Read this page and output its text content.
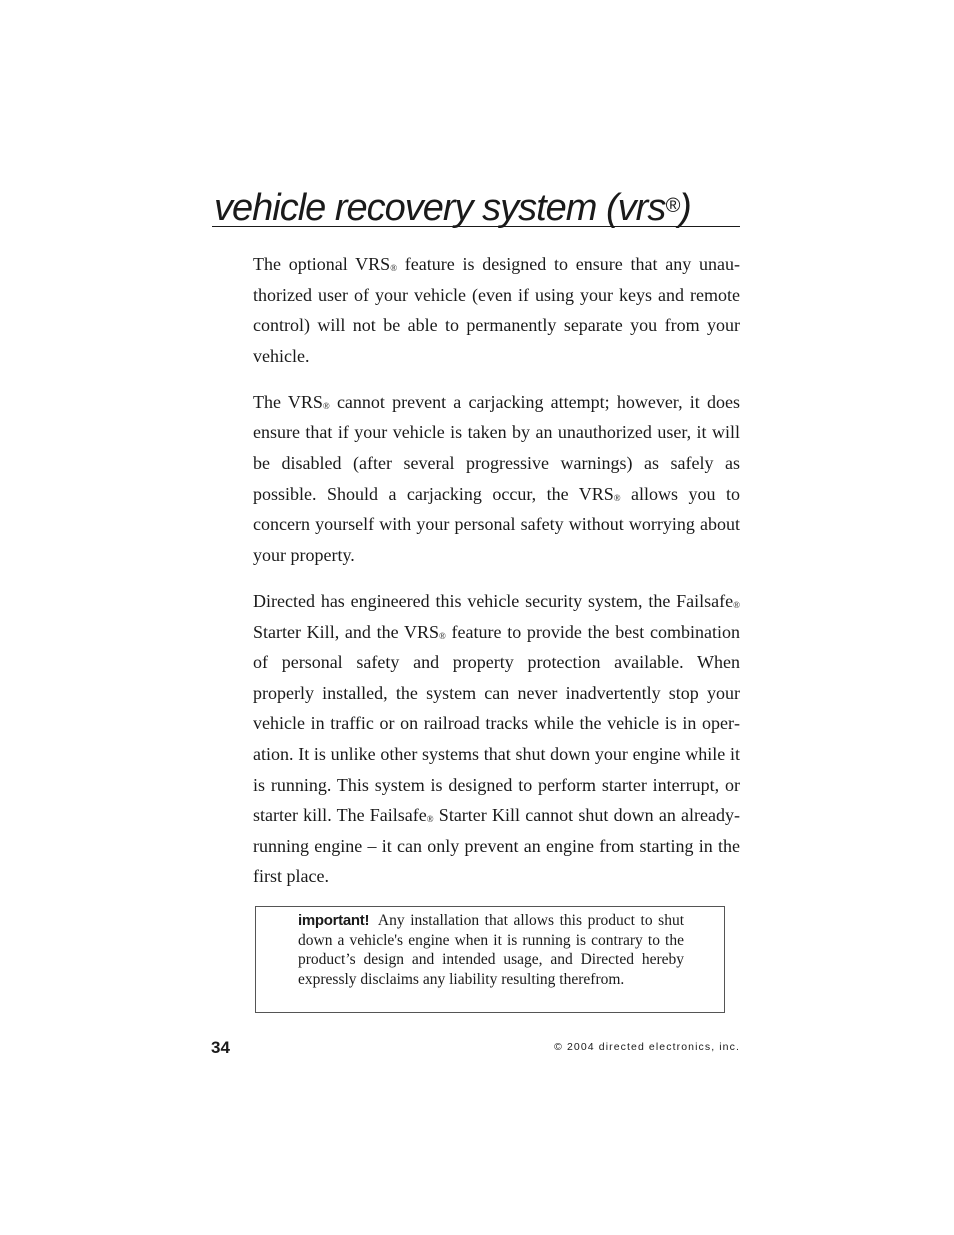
vehicle recovery system (vrs®)

The optional VRS® feature is designed to ensure that any unauthorized user of your vehicle (even if using your keys and remote control) will not be able to permanently separate you from your vehicle.

The VRS® cannot prevent a carjacking attempt; however, it does ensure that if your vehicle is taken by an unauthorized user, it will be disabled (after several progressive warnings) as safely as possible. Should a carjacking occur, the VRS® allows you to concern yourself with your personal safety without worrying about your property.

Directed has engineered this vehicle security system, the Failsafe® Starter Kill, and the VRS® feature to provide the best combination of personal safety and property protection available. When properly installed, the system can never inadvertently stop your vehicle in traffic or on railroad tracks while the vehicle is in operation. It is unlike other systems that shut down your engine while it is running. This system is designed to perform starter interrupt, or starter kill. The Failsafe® Starter Kill cannot shut down an already-running engine – it can only prevent an engine from starting in the first place.

important! Any installation that allows this product to shut down a vehicle's engine when it is running is contrary to the product’s design and intended usage, and Directed hereby expressly disclaims any liability resulting therefrom.

34	© 2004 directed electronics, inc.
